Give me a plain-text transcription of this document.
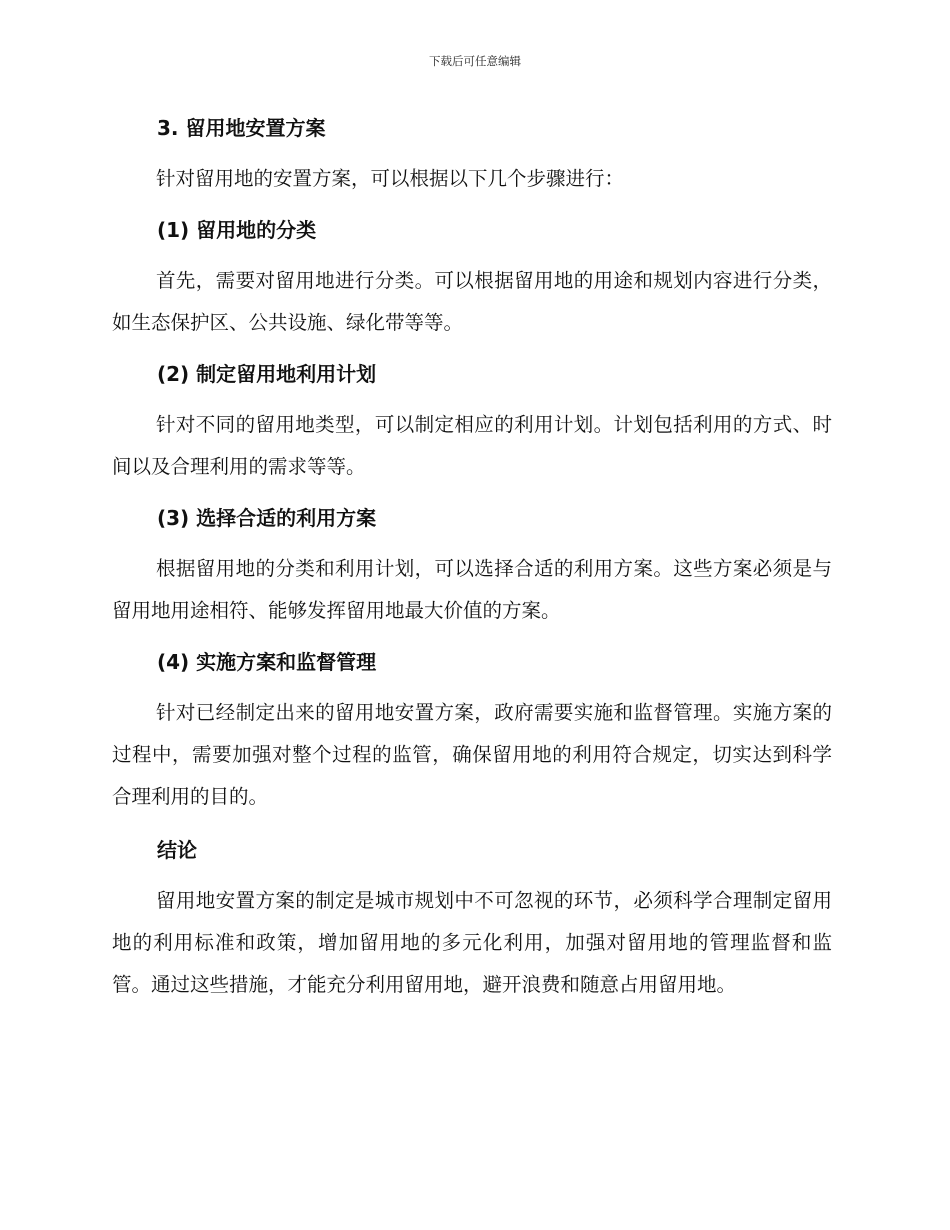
下载后可任意编辑

3. 留用地安置方案

针对留用地的安置方案，可以根据以下几个步骤进行：

(1) 留用地的分类

首先，需要对留用地进行分类。可以根据留用地的用途和规划内容进行分类，如生态保护区、公共设施、绿化带等等。

(2) 制定留用地利用计划

针对不同的留用地类型，可以制定相应的利用计划。计划包括利用的方式、时间以及合理利用的需求等等。

(3) 选择合适的利用方案

根据留用地的分类和利用计划，可以选择合适的利用方案。这些方案必须是与留用地用途相符、能够发挥留用地最大价值的方案。

(4) 实施方案和监督管理

针对已经制定出来的留用地安置方案，政府需要实施和监督管理。实施方案的过程中，需要加强对整个过程的监管，确保留用地的利用符合规定，切实达到科学合理利用的目的。

结论

留用地安置方案的制定是城市规划中不可忽视的环节，必须科学合理制定留用地的利用标准和政策，增加留用地的多元化利用，加强对留用地的管理监督和监管。通过这些措施，才能充分利用留用地，避开浪费和随意占用留用地。
